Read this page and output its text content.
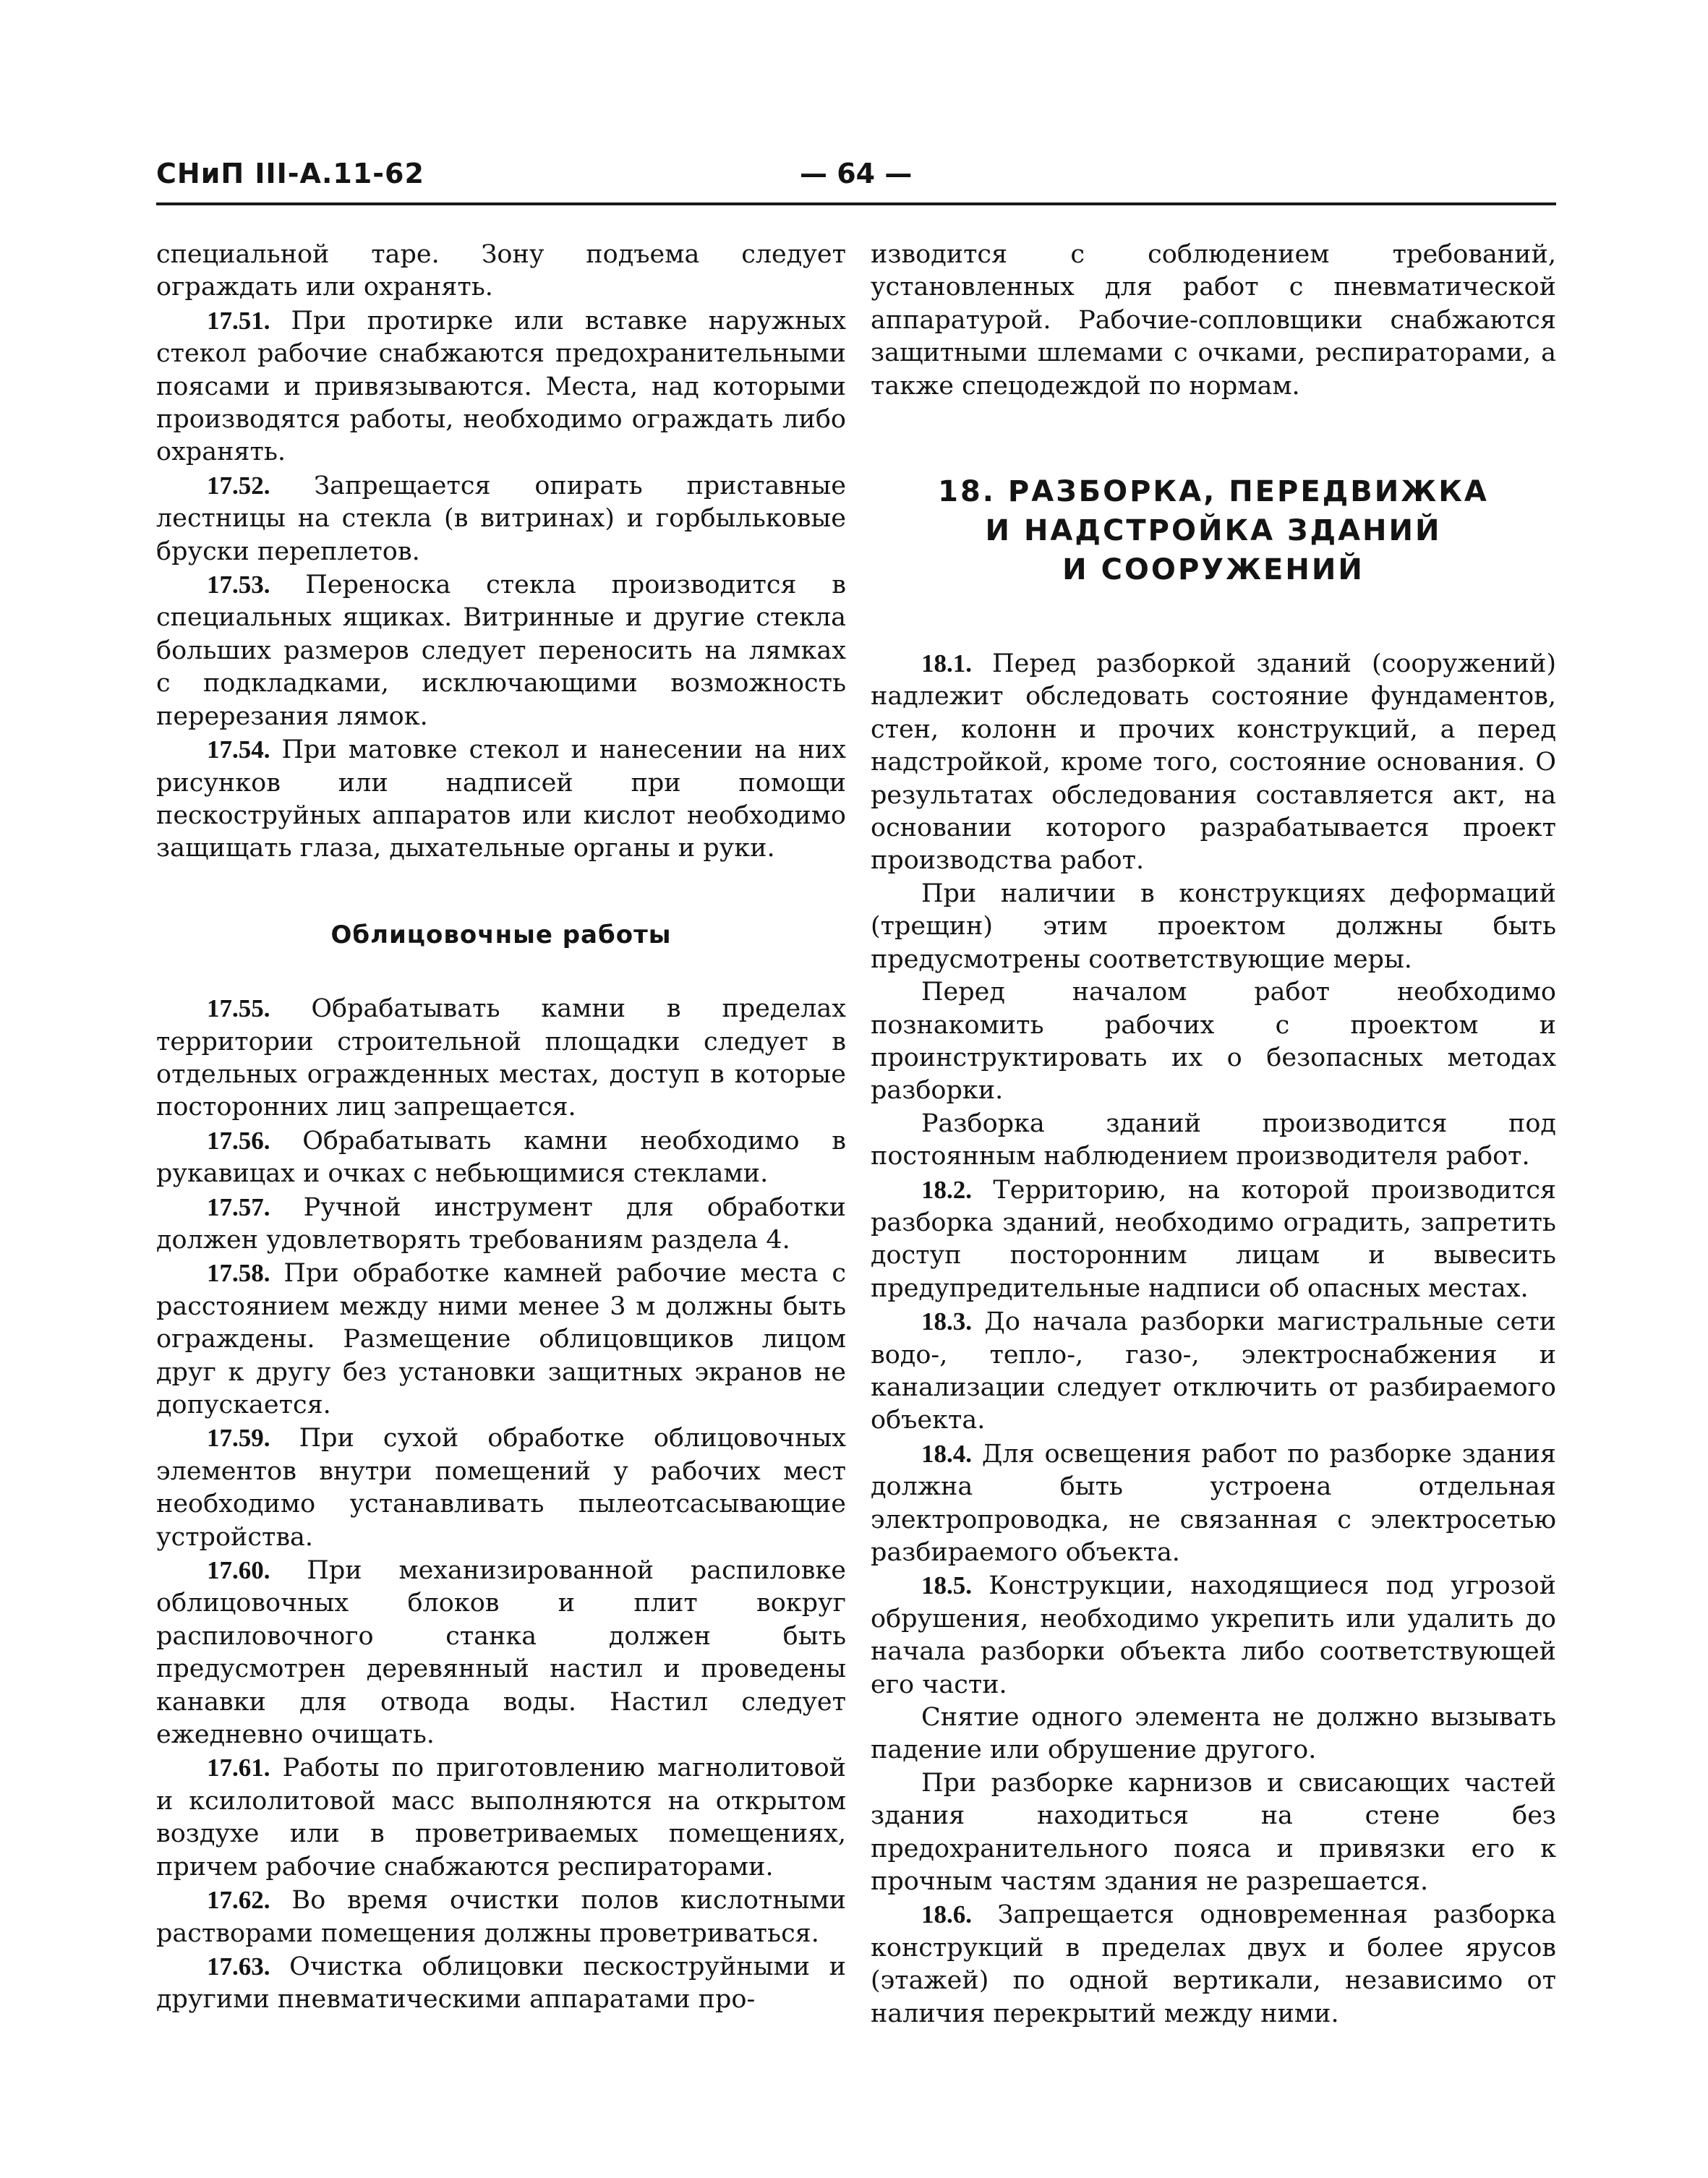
СНиП III-А.11-62	— 64 —

специальной таре. Зону подъема следует ограждать или охранять.

17.51. При протирке или вставке наружных стекол рабочие снабжаются предохранительными поясами и привязываются. Места, над которыми производятся работы, необходимо ограждать либо охранять.

17.52. Запрещается опирать приставные лестницы на стекла (в витринах) и горбыльковые бруски переплетов.

17.53. Переноска стекла производится в специальных ящиках. Витринные и другие стекла больших размеров следует переносить на лямках с подкладками, исключающими возможность перерезания лямок.

17.54. При матовке стекол и нанесении на них рисунков или надписей при помощи пескоструйных аппаратов или кислот необходимо защищать глаза, дыхательные органы и руки.

Облицовочные работы

17.55. Обрабатывать камни в пределах территории строительной площадки следует в отдельных огражденных местах, доступ в которые посторонних лиц запрещается.

17.56. Обрабатывать камни необходимо в рукавицах и очках с небьющимися стеклами.

17.57. Ручной инструмент для обработки должен удовлетворять требованиям раздела 4.

17.58. При обработке камней рабочие места с расстоянием между ними менее 3 м должны быть ограждены. Размещение облицовщиков лицом друг к другу без установки защитных экранов не допускается.

17.59. При сухой обработке облицовочных элементов внутри помещений у рабочих мест необходимо устанавливать пылеотсасывающие устройства.

17.60. При механизированной распиловке облицовочных блоков и плит вокруг распиловочного станка должен быть предусмотрен деревянный настил и проведены канавки для отвода воды. Настил следует ежедневно очищать.

17.61. Работы по приготовлению магнолитовой и ксилолитовой масс выполняются на открытом воздухе или в проветриваемых помещениях, причем рабочие снабжаются респираторами.

17.62. Во время очистки полов кислотными растворами помещения должны проветриваться.

17.63. Очистка облицовки пескоструйными и другими пневматическими аппаратами про-

изводится с соблюдением требований, установленных для работ с пневматической аппаратурой. Рабочие-сопловщики снабжаются защитными шлемами с очками, респираторами, а также спецодеждой по нормам.

18. РАЗБОРКА, ПЕРЕДВИЖКА
И НАДСТРОЙКА ЗДАНИЙ
И СООРУЖЕНИЙ

18.1. Перед разборкой зданий (сооружений) надлежит обследовать состояние фундаментов, стен, колонн и прочих конструкций, а перед надстройкой, кроме того, состояние основания. О результатах обследования составляется акт, на основании которого разрабатывается проект производства работ.

При наличии в конструкциях деформаций (трещин) этим проектом должны быть предусмотрены соответствующие меры.

Перед началом работ необходимо познакомить рабочих с проектом и проинструктировать их о безопасных методах разборки.

Разборка зданий производится под постоянным наблюдением производителя работ.

18.2. Территорию, на которой производится разборка зданий, необходимо оградить, запретить доступ посторонним лицам и вывесить предупредительные надписи об опасных местах.

18.3. До начала разборки магистральные сети водо-, тепло-, газо-, электроснабжения и канализации следует отключить от разбираемого объекта.

18.4. Для освещения работ по разборке здания должна быть устроена отдельная электропроводка, не связанная с электросетью разбираемого объекта.

18.5. Конструкции, находящиеся под угрозой обрушения, необходимо укрепить или удалить до начала разборки объекта либо соответствующей его части.

Снятие одного элемента не должно вызывать падение или обрушение другого.

При разборке карнизов и свисающих частей здания находиться на стене без предохранительного пояса и привязки его к прочным частям здания не разрешается.

18.6. Запрещается одновременная разборка конструкций в пределах двух и более ярусов (этажей) по одной вертикали, независимо от наличия перекрытий между ними.
